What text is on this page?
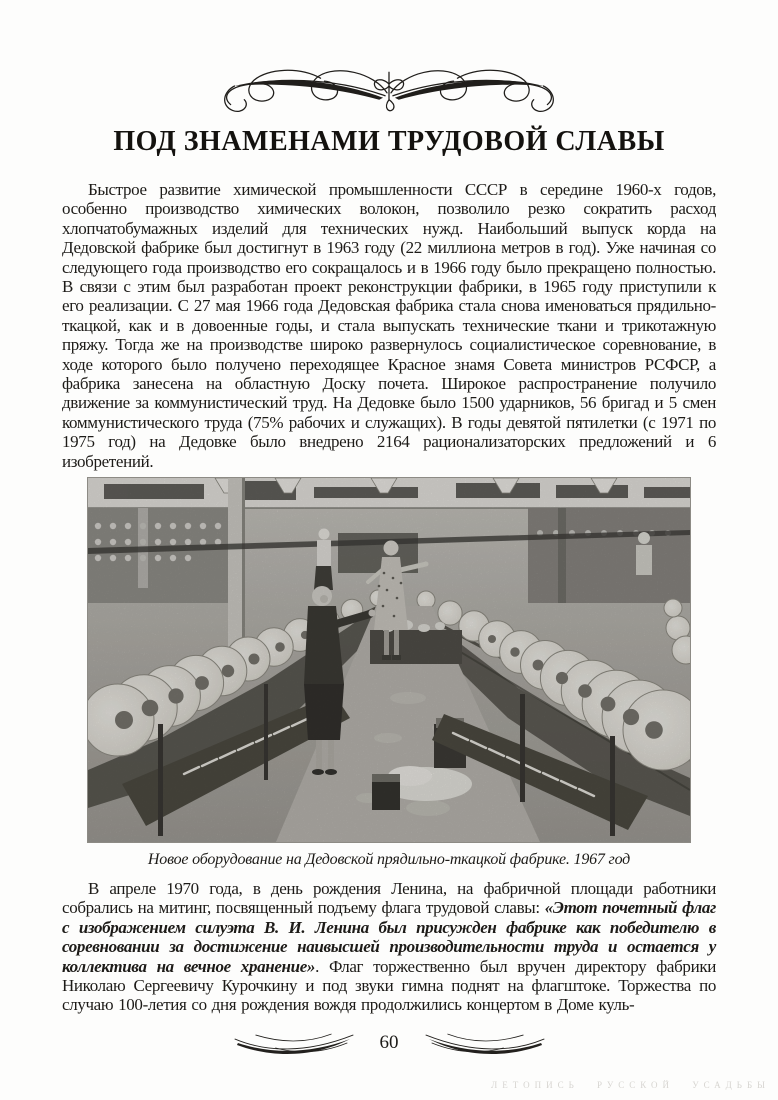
ПОД ЗНАМЕНАМИ ТРУДОВОЙ СЛАВЫ

Быстрое развитие химической промышленности СССР в середине 1960-х годов, особенно производство химических волокон, позволило резко сократить расход хлопчатобумажных изделий для технических нужд. Наибольший выпуск корда на Дедовской фабрике был достигнут в 1963 году (22 миллиона метров в год). Уже начиная со следующего года производство его сокращалось и в 1966 году было прекращено полностью. В связи с этим был разработан проект реконструкции фабрики, в 1965 году приступили к его реализации. С 27 мая 1966 года Дедовская фабрика стала снова именоваться прядильно-ткацкой, как и в довоенные годы, и стала выпускать технические ткани и трикотажную пряжу. Тогда же на производстве широко развернулось социалистическое соревнование, в ходе которого было получено переходящее Красное знамя Совета министров РСФСР, а фабрика занесена на областную Доску почета. Широкое распространение получило движение за коммунистический труд. На Дедовке было 1500 ударников, 56 бригад и 5 смен коммунистического труда (75% рабочих и служащих). В годы девятой пятилетки (с 1971 по 1975 год) на Дедовке было внедрено 2164 рационализаторских предложений и 6 изобретений.

Новое оборудование на Дедовской прядильно-ткацкой фабрике. 1967 год

В апреле 1970 года, в день рождения Ленина, на фабричной площади работники собрались на митинг, посвященный подъему флага трудовой славы: «Этот почетный флаг с изображением силуэта В. И. Ленина был присужден фабрике как победителю в соревновании за достижение наивысшей производительности труда и остается у коллектива на вечное хранение». Флаг торжественно был вручен директору фабрики Николаю Сергеевичу Курочкину и под звуки гимна поднят на флагштоке. Торжества по случаю 100-летия со дня рождения вождя продолжились концертом в Доме куль-

60
летопись русской усадьбы
